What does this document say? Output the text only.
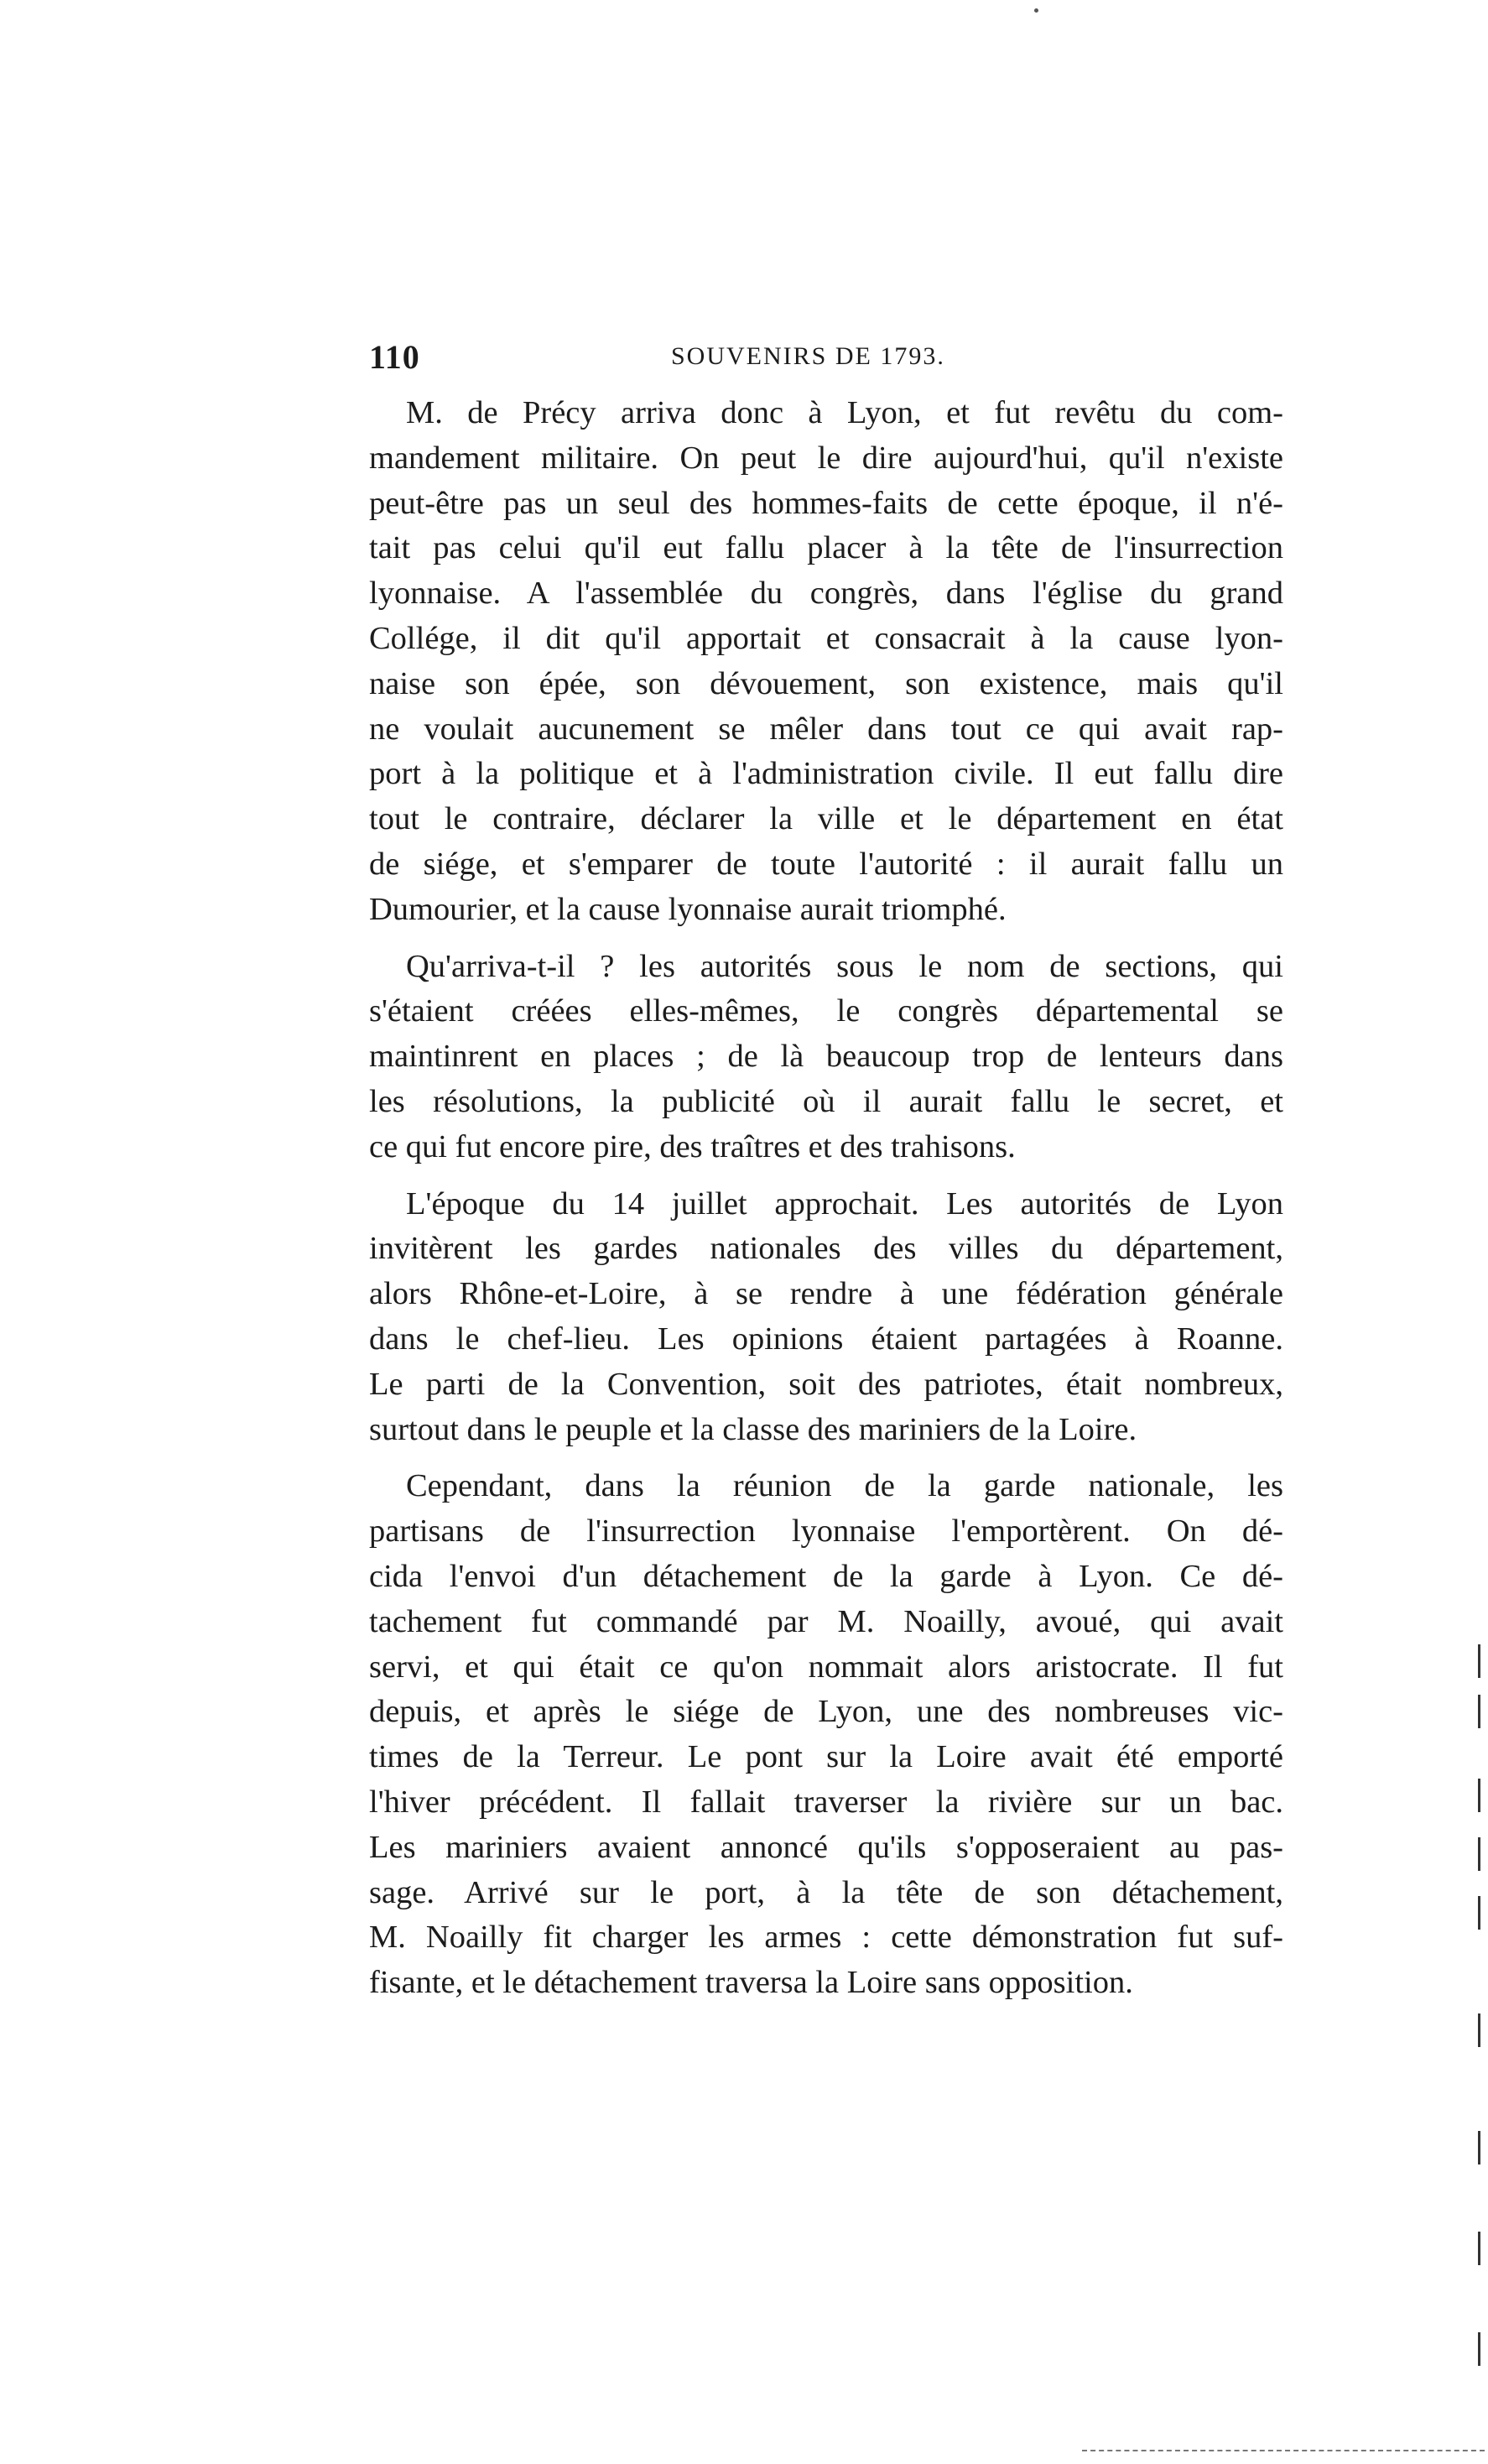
110	SOUVENIRS DE 1793.
M. de Précy arriva donc à Lyon, et fut revêtu du com-
mandement militaire. On peut le dire aujourd'hui, qu'il n'existe
peut-être pas un seul des hommes-faits de cette époque, il n'é-
tait pas celui qu'il eut fallu placer à la tête de l'insurrection
lyonnaise. A l'assemblée du congrès, dans l'église du grand
Collége, il dit qu'il apportait et consacrait à la cause lyon-
naise son épée, son dévouement, son existence, mais qu'il
ne voulait aucunement se mêler dans tout ce qui avait rap-
port à la politique et à l'administration civile. Il eut fallu dire
tout le contraire, déclarer la ville et le département en état
de siége, et s'emparer de toute l'autorité : il aurait fallu un
Dumourier, et la cause lyonnaise aurait triomphé.
Qu'arriva-t-il ? les autorités sous le nom de sections, qui
s'étaient créées elles-mêmes, le congrès départemental se
maintinrent en places ; de là beaucoup trop de lenteurs dans
les résolutions, la publicité où il aurait fallu le secret, et
ce qui fut encore pire, des traîtres et des trahisons.
L'époque du 14 juillet approchait. Les autorités de Lyon
invitèrent les gardes nationales des villes du département,
alors Rhône-et-Loire, à se rendre à une fédération générale
dans le chef-lieu. Les opinions étaient partagées à Roanne.
Le parti de la Convention, soit des patriotes, était nombreux,
surtout dans le peuple et la classe des mariniers de la Loire.
Cependant, dans la réunion de la garde nationale, les
partisans de l'insurrection lyonnaise l'emportèrent. On dé-
cida l'envoi d'un détachement de la garde à Lyon. Ce dé-
tachement fut commandé par M. Noailly, avoué, qui avait
servi, et qui était ce qu'on nommait alors aristocrate. Il fut
depuis, et après le siége de Lyon, une des nombreuses vic-
times de la Terreur. Le pont sur la Loire avait été emporté
l'hiver précédent. Il fallait traverser la rivière sur un bac.
Les mariniers avaient annoncé qu'ils s'opposeraient au pas-
sage. Arrivé sur le port, à la tête de son détachement,
M. Noailly fit charger les armes : cette démonstration fut suf-
fisante, et le détachement traversa la Loire sans opposition.
